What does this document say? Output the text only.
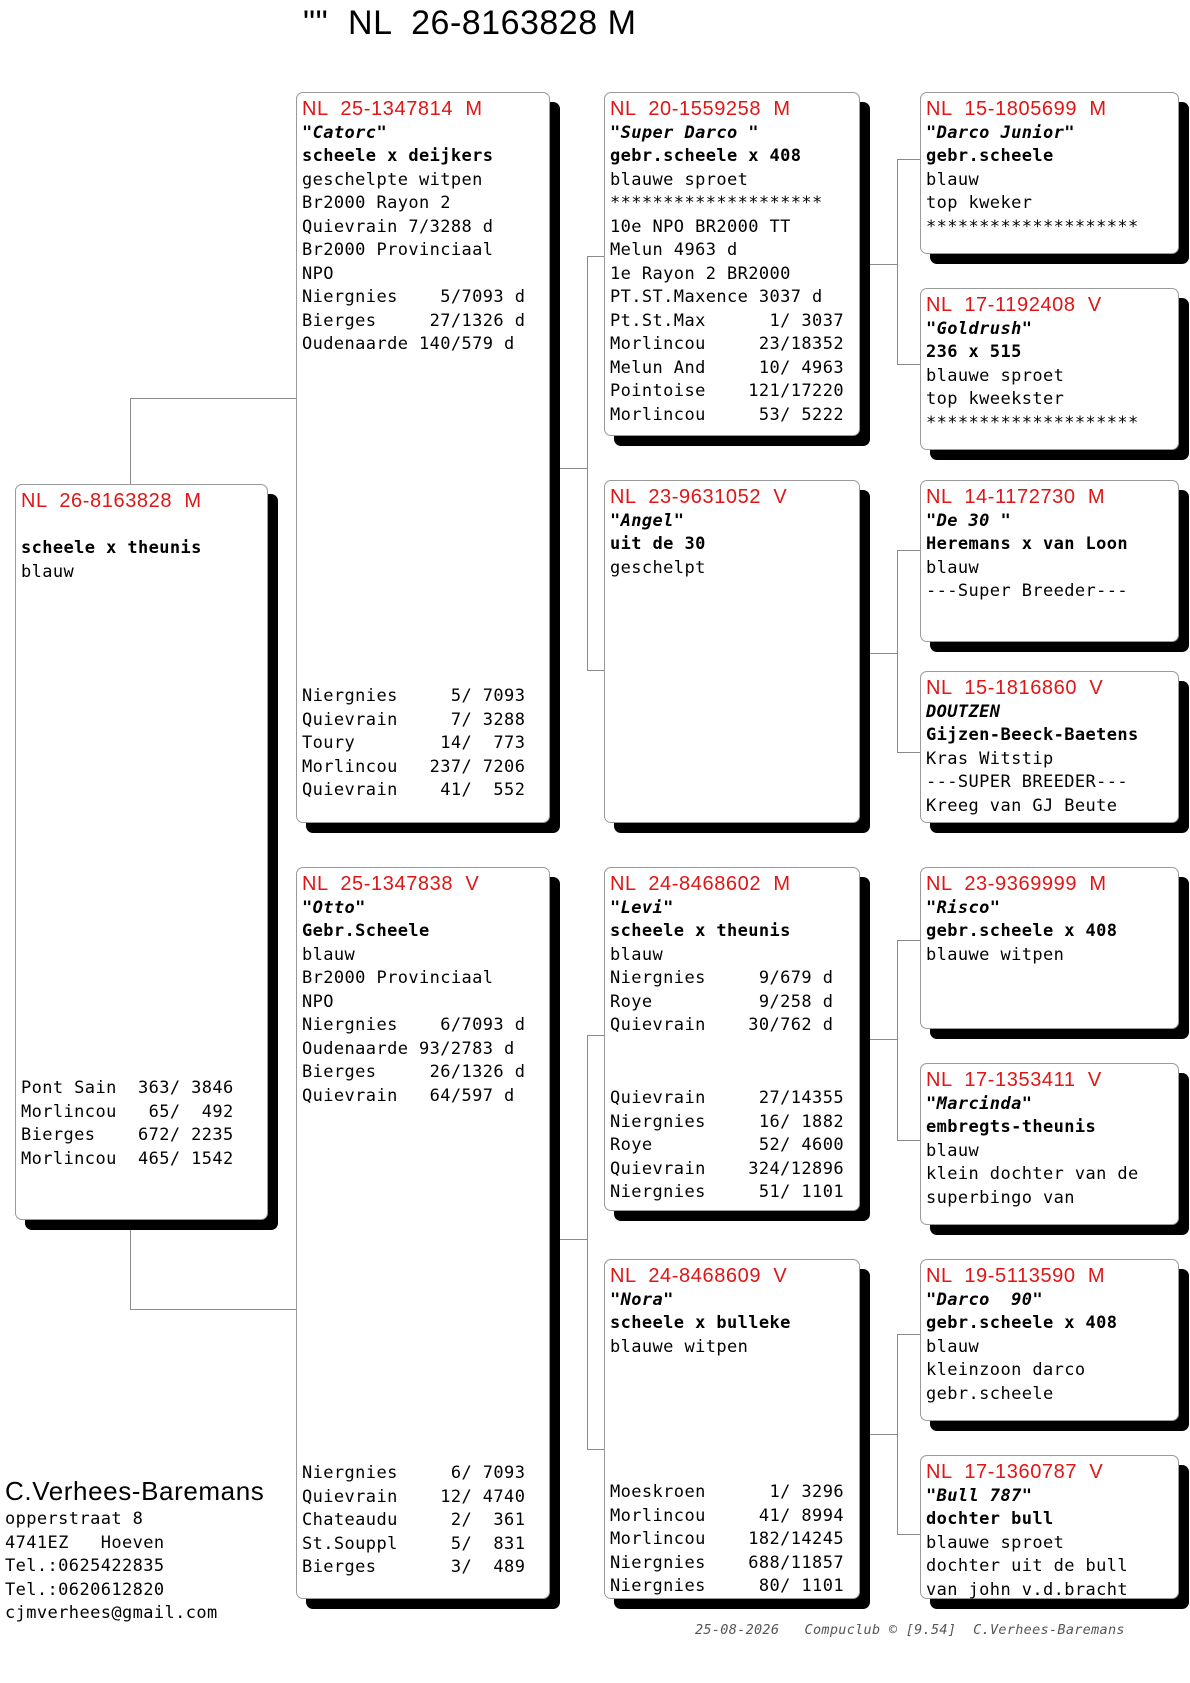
""  NL  26-8163828 M
NL  26-8163828  M
scheele x theunis
blauw
Pont Sain  363/ 3846
Morlincou   65/  492
Bierges    672/ 2235
Morlincou  465/ 1542
NL  25-1347814  M
"Catorc"
scheele x deijkers
geschelpte witpen
Br2000 Rayon 2
Quievrain 7/3288 d
Br2000 Provinciaal
NPO
Niergnies    5/7093 d
Bierges     27/1326 d
Oudenaarde 140/579 d
Niergnies     5/ 7093
Quievrain     7/ 3288
Toury        14/  773
Morlincou   237/ 7206
Quievrain    41/  552
NL  25-1347838  V
"Otto"
Gebr.Scheele
blauw
Br2000 Provinciaal
NPO
Niergnies    6/7093 d
Oudenaarde 93/2783 d
Bierges     26/1326 d
Quievrain   64/597 d
Niergnies     6/ 7093
Quievrain    12/ 4740
Chateaudu     2/  361
St.Souppl     5/  831
Bierges       3/  489
NL  20-1559258  M
"Super Darco "
gebr.scheele x 408
blauwe sproet
********************
10e NPO BR2000 TT
Melun 4963 d
1e Rayon 2 BR2000
PT.ST.Maxence 3037 d
Pt.St.Max      1/ 3037
Morlincou     23/18352
Melun And     10/ 4963
Pointoise    121/17220
Morlincou     53/ 5222
NL  23-9631052  V
"Angel"
uit de 30
geschelpt
NL  24-8468602  M
"Levi"
scheele x theunis
blauw
Niergnies     9/679 d
Roye          9/258 d
Quievrain    30/762 d
Quievrain     27/14355
Niergnies     16/ 1882
Roye          52/ 4600
Quievrain    324/12896
Niergnies     51/ 1101
NL  24-8468609  V
"Nora"
scheele x bulleke
blauwe witpen
Moeskroen      1/ 3296
Morlincou     41/ 8994
Morlincou    182/14245
Niergnies    688/11857
Niergnies     80/ 1101
NL  15-1805699  M
"Darco Junior"
gebr.scheele
blauw
top kweker
********************
NL  17-1192408  V
"Goldrush"
236 x 515
blauwe sproet
top kweekster
********************
NL  14-1172730  M
"De 30 "
Heremans x van Loon
blauw
---Super Breeder---
NL  15-1816860  V
DOUTZEN
Gijzen-Beeck-Baetens
Kras Witstip
---SUPER BREEDER---
Kreeg van GJ Beute
NL  23-9369999  M
"Risco"
gebr.scheele x 408
blauwe witpen
NL  17-1353411  V
"Marcinda"
embregts-theunis
blauw
klein dochter van de
superbingo van
NL  19-5113590  M
"Darco  90"
gebr.scheele x 408
blauw
kleinzoon darco
gebr.scheele
NL  17-1360787  V
"Bull 787"
dochter bull
blauwe sproet
dochter uit de bull
van john v.d.bracht
C.Verhees-Baremans
opperstraat 8
4741EZ   Hoeven
Tel.:0625422835
Tel.:0620612820
cjmverhees@gmail.com
25-08-2026   Compuclub © [9.54]  C.Verhees-Baremans
